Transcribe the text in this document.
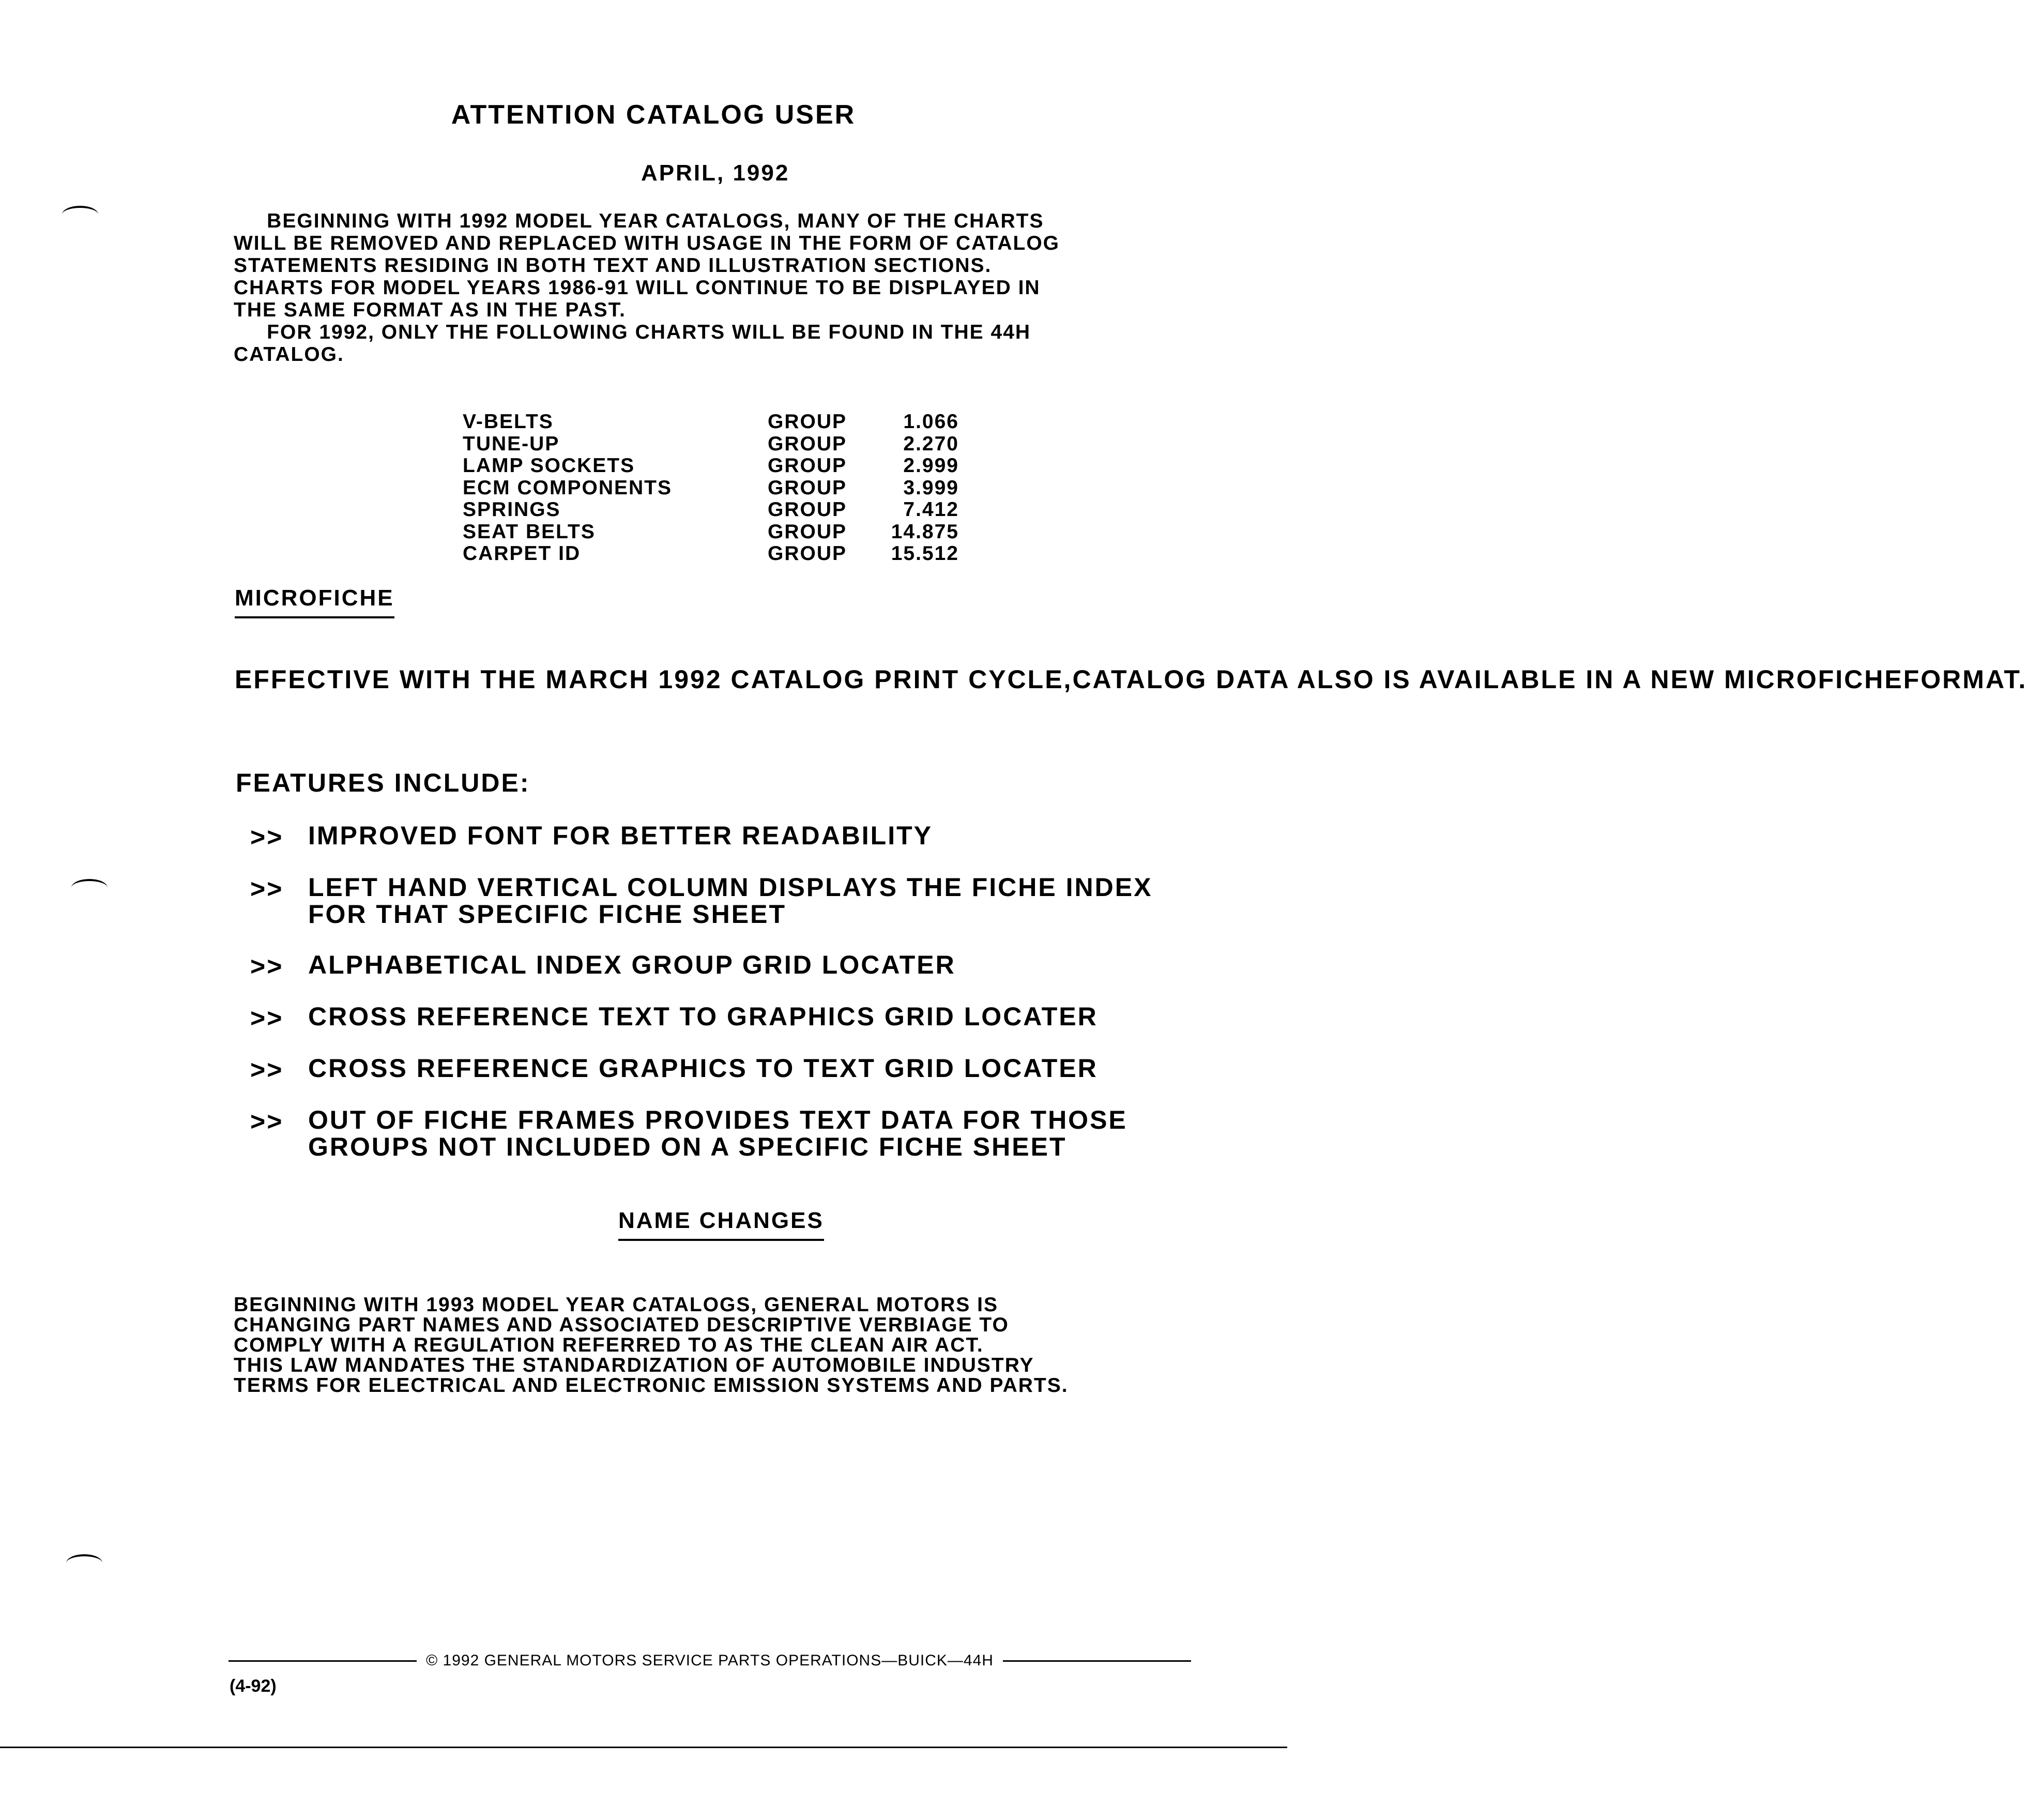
ATTENTION CATALOG USER
APRIL, 1992
BEGINNING WITH 1992 MODEL YEAR CATALOGS, MANY OF THE CHARTS
WILL BE REMOVED AND REPLACED WITH USAGE IN THE FORM OF CATALOG
STATEMENTS RESIDING IN BOTH TEXT AND ILLUSTRATION SECTIONS.
CHARTS FOR MODEL YEARS 1986-91 WILL CONTINUE TO BE DISPLAYED IN
THE SAME FORMAT AS IN THE PAST.
FOR 1992, ONLY THE FOLLOWING CHARTS WILL BE FOUND IN THE 44H
CATALOG.
V-BELTS	GROUP	1.066
TUNE-UP	GROUP	2.270
LAMP SOCKETS	GROUP	2.999
ECM COMPONENTS	GROUP	3.999
SPRINGS	GROUP	7.412
SEAT BELTS	GROUP	14.875
CARPET ID	GROUP	15.512
MICROFICHE
EFFECTIVE WITH THE MARCH 1992 CATALOG PRINT CYCLE,CATALOG DATA ALSO IS AVAILABLE IN A NEW MICROFICHEFORMAT.
FEATURES INCLUDE:
>> IMPROVED FONT FOR BETTER READABILITY
>> LEFT HAND VERTICAL COLUMN DISPLAYS THE FICHE INDEX
FOR THAT SPECIFIC FICHE SHEET
>> ALPHABETICAL INDEX GROUP GRID LOCATER
>> CROSS REFERENCE TEXT TO GRAPHICS GRID LOCATER
>> CROSS REFERENCE GRAPHICS TO TEXT GRID LOCATER
>> OUT OF FICHE FRAMES PROVIDES TEXT DATA FOR THOSE
GROUPS NOT INCLUDED ON A SPECIFIC FICHE SHEET
NAME CHANGES
BEGINNING WITH 1993 MODEL YEAR CATALOGS, GENERAL MOTORS IS
CHANGING PART NAMES AND ASSOCIATED DESCRIPTIVE VERBIAGE TO
COMPLY WITH A REGULATION REFERRED TO AS THE CLEAN AIR ACT.
THIS LAW MANDATES THE STANDARDIZATION OF AUTOMOBILE INDUSTRY
TERMS FOR ELECTRICAL AND ELECTRONIC EMISSION SYSTEMS AND PARTS.
© 1992 GENERAL MOTORS SERVICE PARTS OPERATIONS—BUICK—44H
(4-92)
